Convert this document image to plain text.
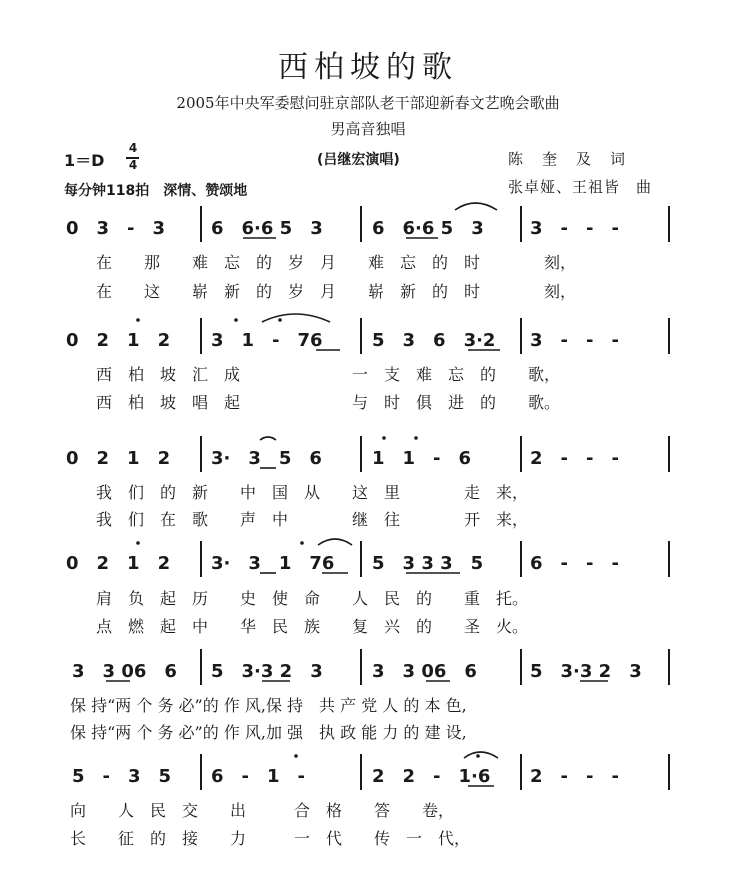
西柏坡的歌
2005年中央军委慰问驻京部队老干部迎新春文艺晚会歌曲
男高音独唱
1＝D
4
4	(吕继宏演唱)
每分钟118拍　深情、赞颂地
陈　奎　及　词
张卓娅、王祖皆　曲
0　3　-　3	6　6·6 5　3	6　6·6 5　3	3　-　-　-
在　　那　　难　忘　的　岁　月　　难　忘　的　时　　　　刻，
在　　这　　崭　新　的　岁　月　　崭　新　的　时　　　　刻，
0　2　1　2 3　1　-　76	5　3　6　3·2 3　-　-　-
西　柏　坡　汇　成　　　　　　　一　支　难　忘　的　　歌，
西　柏　坡　唱　起　　　　　　　与　时　俱　进　的　　歌。
0　2　1　2 3·　3　5　6	1　1　-　6	2　-　-　-
我　们　的　新　　中　国　从　　这　里　　　　走　来，
我　们　在　歌　　声　中　　　　继　往　　　　开　来，
0　2　1　2 3·　3　1　76 5　3 3 3　5	6　-　-　-
肩　负　起　历　　史　使　命　　人　民　的　　重　托。
点　燃　起　中　　华　民　族　　复　兴　的　　圣　火。
3　3 06　6 5　3·3 2　3	3　3 06　6	5　3·3 2　3
保 持“两 个 务 必”的 作 风,保 持　共 产 党 人 的 本 色,
保 持“两 个 务 必”的 作 风,加 强　执 政 能 力 的 建 设,
5　-　3　5 6　-　1　-	2　2　-　1·6 2　-　-　-
向　　人　民　交　　出　　　合　格　　答　　卷，
长　　征　的　接　　力　　　一　代　　传　一　代，
